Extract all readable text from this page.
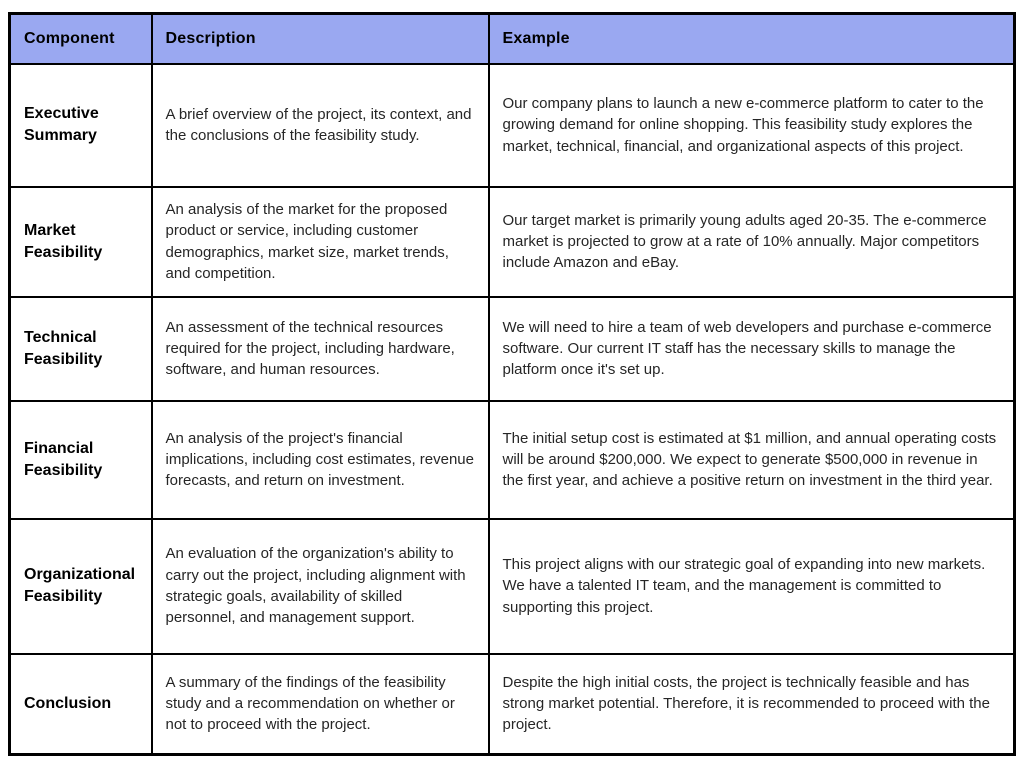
Component	Description	Example
Executive Summary	A brief overview of the project, its context, and the conclusions of the feasibility study.	Our company plans to launch a new e-commerce platform to cater to the growing demand for online shopping. This feasibility study explores the market, technical, financial, and organizational aspects of this project.
Market Feasibility	An analysis of the market for the proposed product or service, including customer demographics, market size, market trends, and competition.	Our target market is primarily young adults aged 20-35. The e-commerce market is projected to grow at a rate of 10% annually. Major competitors include Amazon and eBay.
Technical Feasibility	An assessment of the technical resources required for the project, including hardware, software, and human resources.	We will need to hire a team of web developers and purchase e-commerce software. Our current IT staff has the necessary skills to manage the platform once it's set up.
Financial Feasibility	An analysis of the project's financial implications, including cost estimates, revenue forecasts, and return on investment.	The initial setup cost is estimated at $1 million, and annual operating costs will be around $200,000. We expect to generate $500,000 in revenue in the first year, and achieve a positive return on investment in the third year.
Organizational Feasibility	An evaluation of the organization's ability to carry out the project, including alignment with strategic goals, availability of skilled personnel, and management support.	This project aligns with our strategic goal of expanding into new markets. We have a talented IT team, and the management is committed to supporting this project.
Conclusion	A summary of the findings of the feasibility study and a recommendation on whether or not to proceed with the project.	Despite the high initial costs, the project is technically feasible and has strong market potential. Therefore, it is recommended to proceed with the project.
